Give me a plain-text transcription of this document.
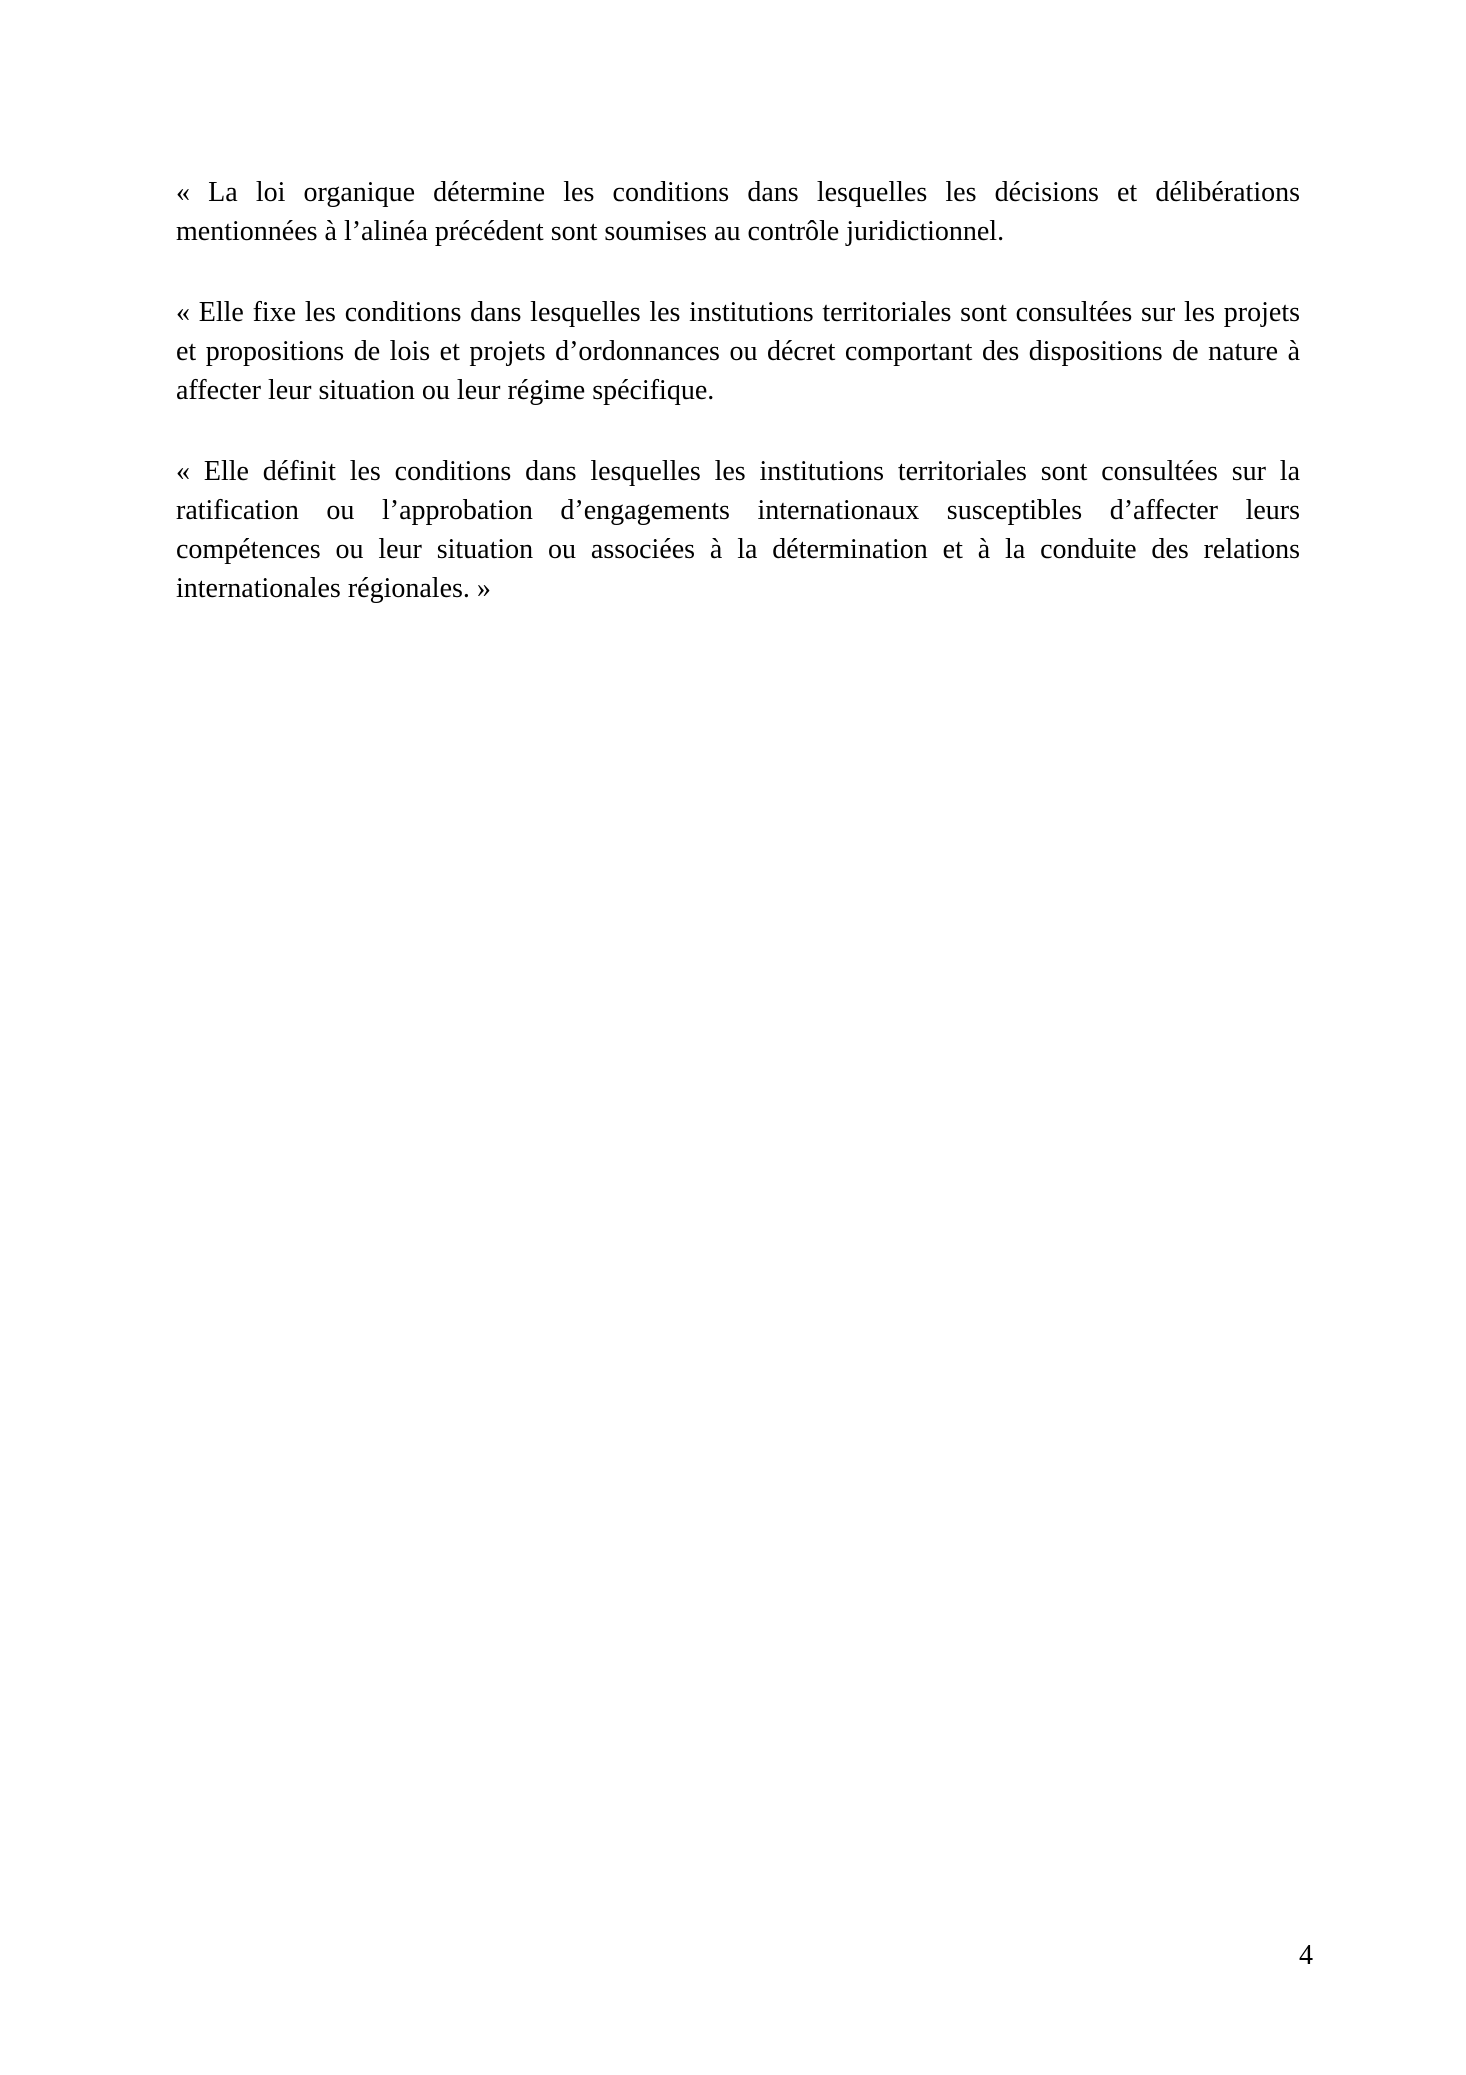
« La loi organique détermine les conditions dans lesquelles les décisions et délibérations mentionnées à l’alinéa précédent sont soumises au contrôle juridictionnel.

« Elle fixe les conditions dans lesquelles les institutions territoriales sont consultées sur les projets et propositions de lois et projets d’ordonnances ou décret comportant des dispositions de nature à affecter leur situation ou leur régime spécifique.

« Elle définit les conditions dans lesquelles les institutions territoriales sont consultées sur la ratification ou l’approbation d’engagements internationaux susceptibles d’affecter leurs compétences ou leur situation ou associées à la détermination et à la conduite des relations internationales régionales. »

4
